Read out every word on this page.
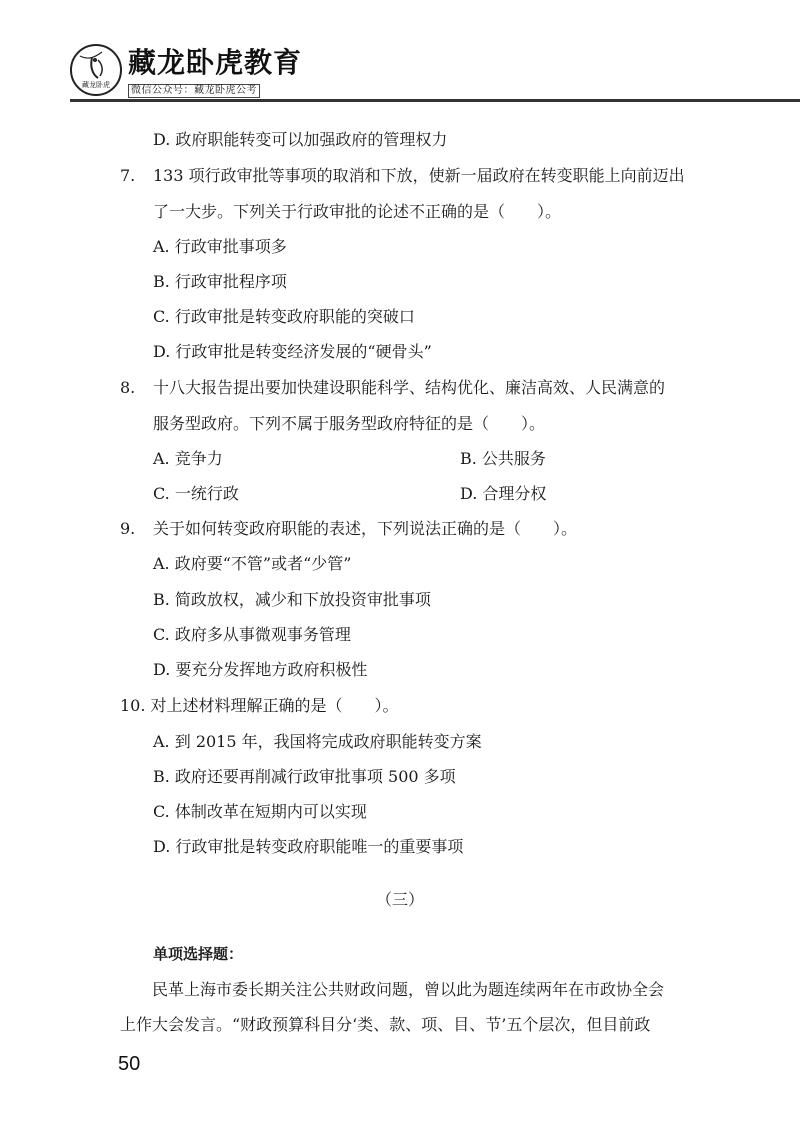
藏龙卧虎
藏龙卧虎教育
微信公众号：藏龙卧虎公考
D. 政府职能转变可以加强政府的管理权力
7. 133 项行政审批等事项的取消和下放，使新一届政府在转变职能上向前迈出
了一大步。下列关于行政审批的论述不正确的是（　　）。
A. 行政审批事项多
B. 行政审批程序项
C. 行政审批是转变政府职能的突破口
D. 行政审批是转变经济发展的“硬骨头”
8. 十八大报告提出要加快建设职能科学、结构优化、廉洁高效、人民满意的
服务型政府。下列不属于服务型政府特征的是（　　）。
A. 竞争力	B. 公共服务
C. 一统行政	D. 合理分权
9. 关于如何转变政府职能的表述，下列说法正确的是（　　）。
A. 政府要“不管”或者“少管”
B. 简政放权，减少和下放投资审批事项
C. 政府多从事微观事务管理
D. 要充分发挥地方政府积极性
10. 对上述材料理解正确的是（　　）。
A. 到 2015 年，我国将完成政府职能转变方案
B. 政府还要再削减行政审批事项 500 多项
C. 体制改革在短期内可以实现
D. 行政审批是转变政府职能唯一的重要事项
（三）
单项选择题：
　　民革上海市委长期关注公共财政问题，曾以此为题连续两年在市政协全会
上作大会发言。“财政预算科目分‘类、款、项、目、节’五个层次，但目前政
50
